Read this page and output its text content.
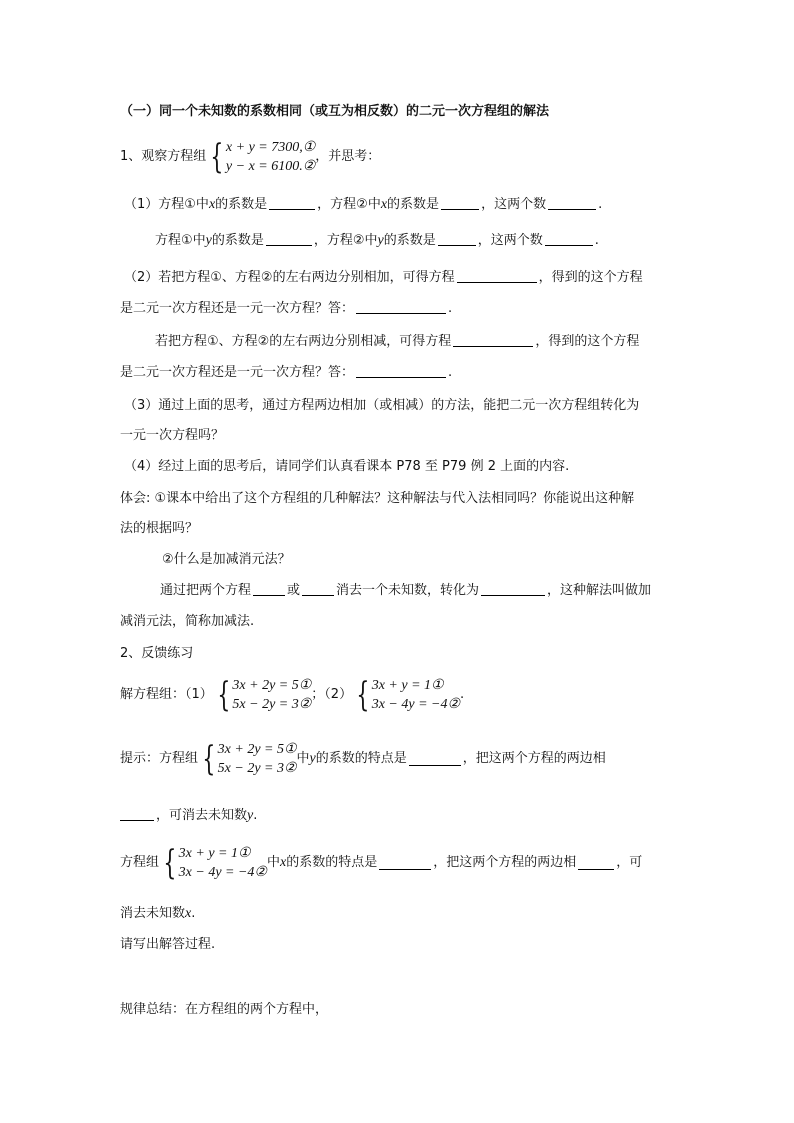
（一）同一个未知数的系数相同（或互为相反数）的二元一次方程组的解法
1、观察方程组 { x + y = 7300,①
y − x = 6100.②
，并思考：
（1）方程①中x的系数是	，方程②中x的系数是	，这两个数	.
方程①中y的系数是	，方程②中y的系数是	，这两个数	.
（2）若把方程①、方程②的左右两边分别相加，可得方程	，得到的这个方程
是二元一次方程还是一元一次方程？答：	.
若把方程①、方程②的左右两边分别相减，可得方程	，得到的这个方程
是二元一次方程还是一元一次方程？答：	.
（3）通过上面的思考，通过方程两边相加（或相减）的方法，能把二元一次方程组转化为
一元一次方程吗？
（4）经过上面的思考后，请同学们认真看课本 P78 至 P79 例 2 上面的内容.
体会: ①课本中给出了这个方程组的几种解法？这种解法与代入法相同吗？你能说出这种解
法的根据吗？
②什么是加减消元法？
通过把两个方程	或	消去一个未知数，转化为	，这种解法叫做加
减消元法，简称加减法.
2、反馈练习
解方程组：（1） { 3x + 2y = 5①
5x − 2y = 3②
；（2） { 3x + y = 1①
3x − 4y = −4②
.
提示：方程组 { 3x + 2y = 5①
5x − 2y = 3②
中 y 的系数的特点是	，把这两个方程的两边相
，可消去未知数y.
方程组 { 3x + y = 1①
3x − 4y = −4②
中 x 的系数的特点是	，把这两个方程的两边相	，可
消去未知数x.
请写出解答过程.
规律总结：在方程组的两个方程中，
